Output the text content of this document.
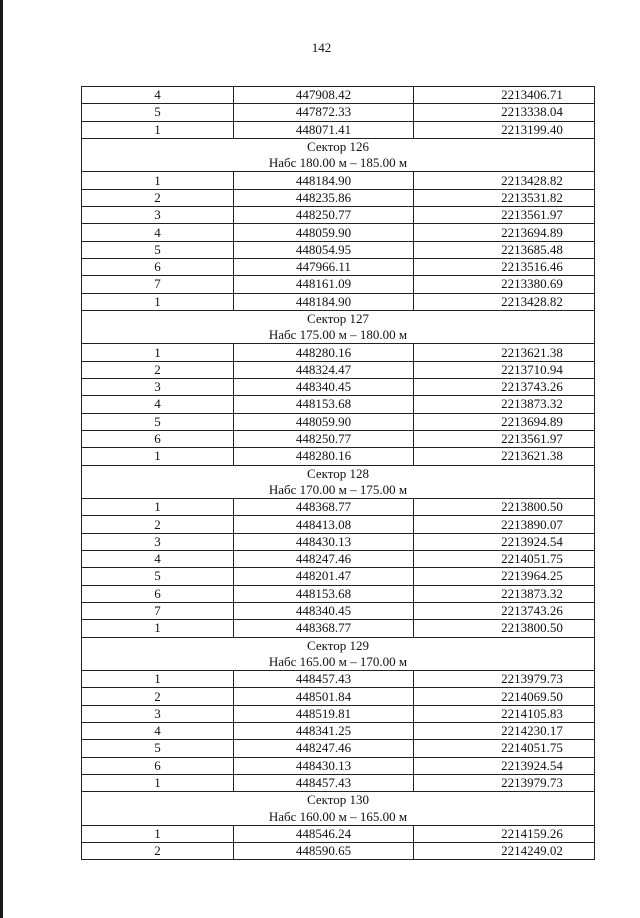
142
4	447908.42	2213406.71
5	447872.33	2213338.04
1	448071.41	2213199.40
Сектор 126		
Набс 180.00 м – 185.00 м		
1	448184.90	2213428.82
2	448235.86	2213531.82
3	448250.77	2213561.97
4	448059.90	2213694.89
5	448054.95	2213685.48
6	447966.11	2213516.46
7	448161.09	2213380.69
1	448184.90	2213428.82
Сектор 127		
Набс 175.00 м – 180.00 м		
1	448280.16	2213621.38
2	448324.47	2213710.94
3	448340.45	2213743.26
4	448153.68	2213873.32
5	448059.90	2213694.89
6	448250.77	2213561.97
1	448280.16	2213621.38
Сектор 128		
Набс 170.00 м – 175.00 м		
1	448368.77	2213800.50
2	448413.08	2213890.07
3	448430.13	2213924.54
4	448247.46	2214051.75
5	448201.47	2213964.25
6	448153.68	2213873.32
7	448340.45	2213743.26
1	448368.77	2213800.50
Сектор 129		
Набс 165.00 м – 170.00 м		
1	448457.43	2213979.73
2	448501.84	2214069.50
3	448519.81	2214105.83
4	448341.25	2214230.17
5	448247.46	2214051.75
6	448430.13	2213924.54
1	448457.43	2213979.73
Сектор 130		
Набс 160.00 м – 165.00 м		
1	448546.24	2214159.26
2	448590.65	2214249.02
